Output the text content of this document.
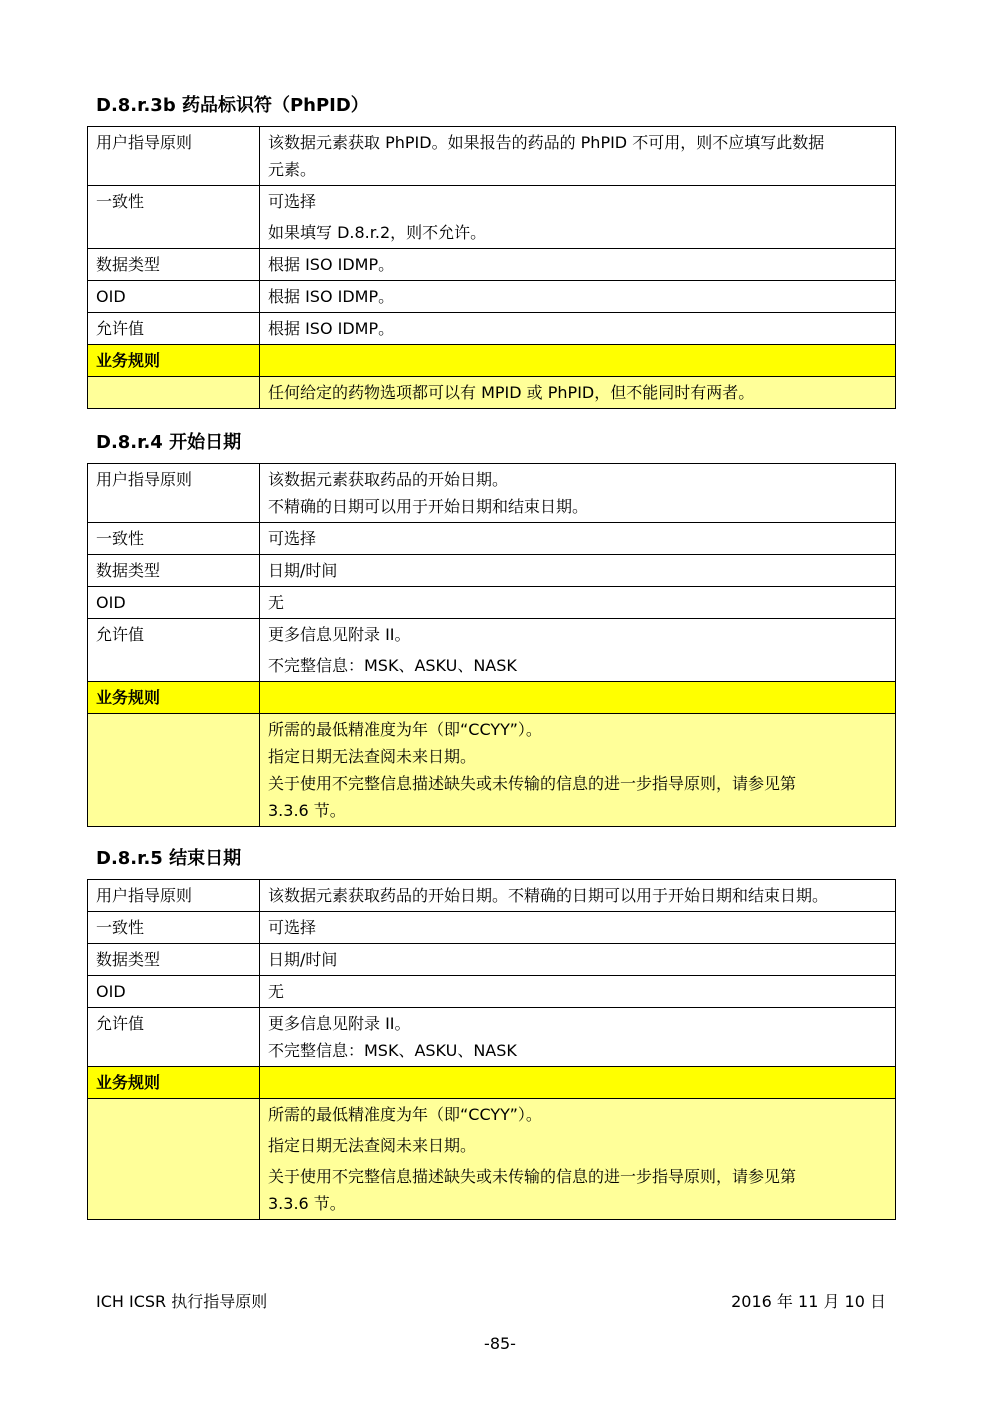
D.8.r.3b 药品标识符（PhPID）
用户指导原则	该数据元素获取 PhPID。如果报告的药品的 PhPID 不可用，则不应填写此数据
元素。

一致性	可选择
如果填写 D.8.r.2，则不允许。

数据类型	根据 ISO IDMP。

OID	根据 ISO IDMP。

允许值	根据 ISO IDMP。

业务规则	

	任何给定的药物选项都可以有 MPID 或 PhPID，但不能同时有两者。
D.8.r.4 开始日期
用户指导原则	该数据元素获取药品的开始日期。
不精确的日期可以用于开始日期和结束日期。

一致性	可选择

数据类型	日期/时间

OID	无

允许值	更多信息见附录 II。
不完整信息：MSK、ASKU、NASK

业务规则	

	所需的最低精准度为年（即“CCYY”）。
指定日期无法查阅未来日期。
关于使用不完整信息描述缺失或未传输的信息的进一步指导原则，请参见第
3.3.6 节。
D.8.r.5 结束日期
用户指导原则	该数据元素获取药品的开始日期。不精确的日期可以用于开始日期和结束日期。

一致性	可选择

数据类型	日期/时间

OID	无

允许值	更多信息见附录 II。
不完整信息：MSK、ASKU、NASK

业务规则	

	所需的最低精准度为年（即“CCYY”）。
指定日期无法查阅未来日期。
关于使用不完整信息描述缺失或未传输的信息的进一步指导原则，请参见第
3.3.6 节。
ICH ICSR 执行指导原则	2016 年 11 月 10 日
-85-
